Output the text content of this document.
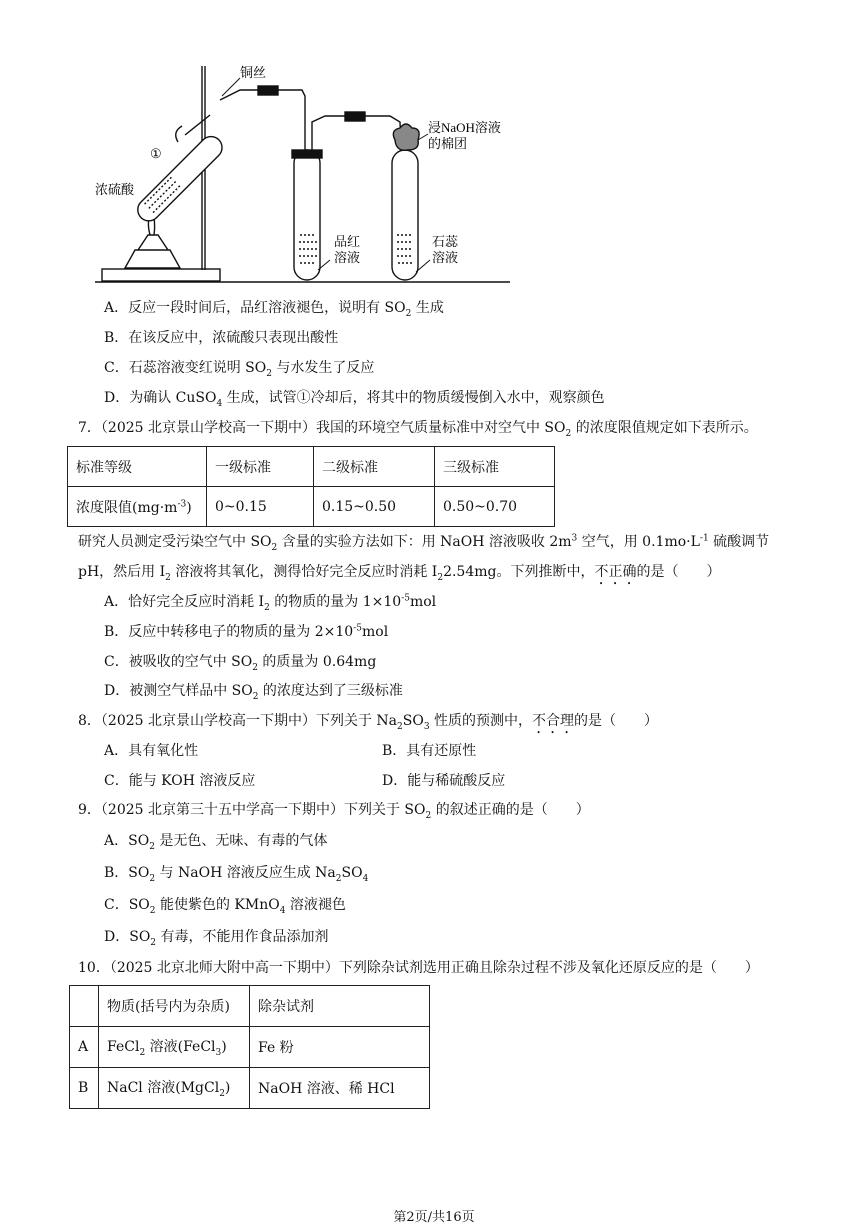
铜丝
①
浓硫酸
浸NaOH溶液
的棉团
品红
溶液
石蕊
溶液
A．反应一段时间后，品红溶液褪色，说明有 $SO_2$ 生成
B．在该反应中，浓硫酸只表现出酸性
C．石蕊溶液变红说明 $SO_2$ 与水发生了反应
D．为确认 CuSO$_4$ 生成，试管①冷却后，将其中的物质缓慢倒入水中，观察颜色
7．（2025 北京景山学校高一下期中）我国的环境空气质量标准中对空气中 $SO_2$ 的浓度限值规定如下表所示。
标准等级	一级标准	二级标准	三级标准
浓度限值$(mg\cdot m^{-3})$	0~0.15	0.15~0.50	0.50~0.70
研究人员测定受污染空气中 $SO_2$ 含量的实验方法如下：用 NaOH 溶液吸收 $2m^3$ 空气，用 $0.1mo\cdot L^{-1}$ 硫酸调节
pH，然后用 $I_2$ 溶液将其氧化，测得恰好完全反应时消耗 $I_22.54mg$。下列推断中，不正确的是（　　）
A．恰好完全反应时消耗 $I_2$ 的物质的量为 $1\times 10^{-5}mol$
B．反应中转移电子的物质的量为 $2\times 10^{-5}mol$
C．被吸收的空气中 $SO_2$ 的质量为 0.64mg
D．被测空气样品中 $SO_2$ 的浓度达到了三级标准
8．（2025 北京景山学校高一下期中）下列关于 $Na_2SO_3$ 性质的预测中，不合理的是（　　）
A．具有氧化性	B．具有还原性
C．能与 KOH 溶液反应	D．能与稀硫酸反应
9．（2025 北京第三十五中学高一下期中）下列关于 $SO_2$ 的叙述正确的是（　　）
A．$SO_2$ 是无色、无味、有毒的气体
B．$SO_2$ 与 NaOH 溶液反应生成 $Na_2SO_4$
C．$SO_2$ 能使紫色的 KMnO$_4$ 溶液褪色
D．$SO_2$ 有毒，不能用作食品添加剂
10．（2025 北京北师大附中高一下期中）下列除杂试剂选用正确且除杂过程不涉及氧化还原反应的是（　　）
	物质(括号内为杂质)	除杂试剂
A	FeCl$_2$ 溶液(FeCl$_3$)	Fe 粉
B	NaCl 溶液(MgCl$_2$)	NaOH 溶液、稀 HCl
第2页/共16页
